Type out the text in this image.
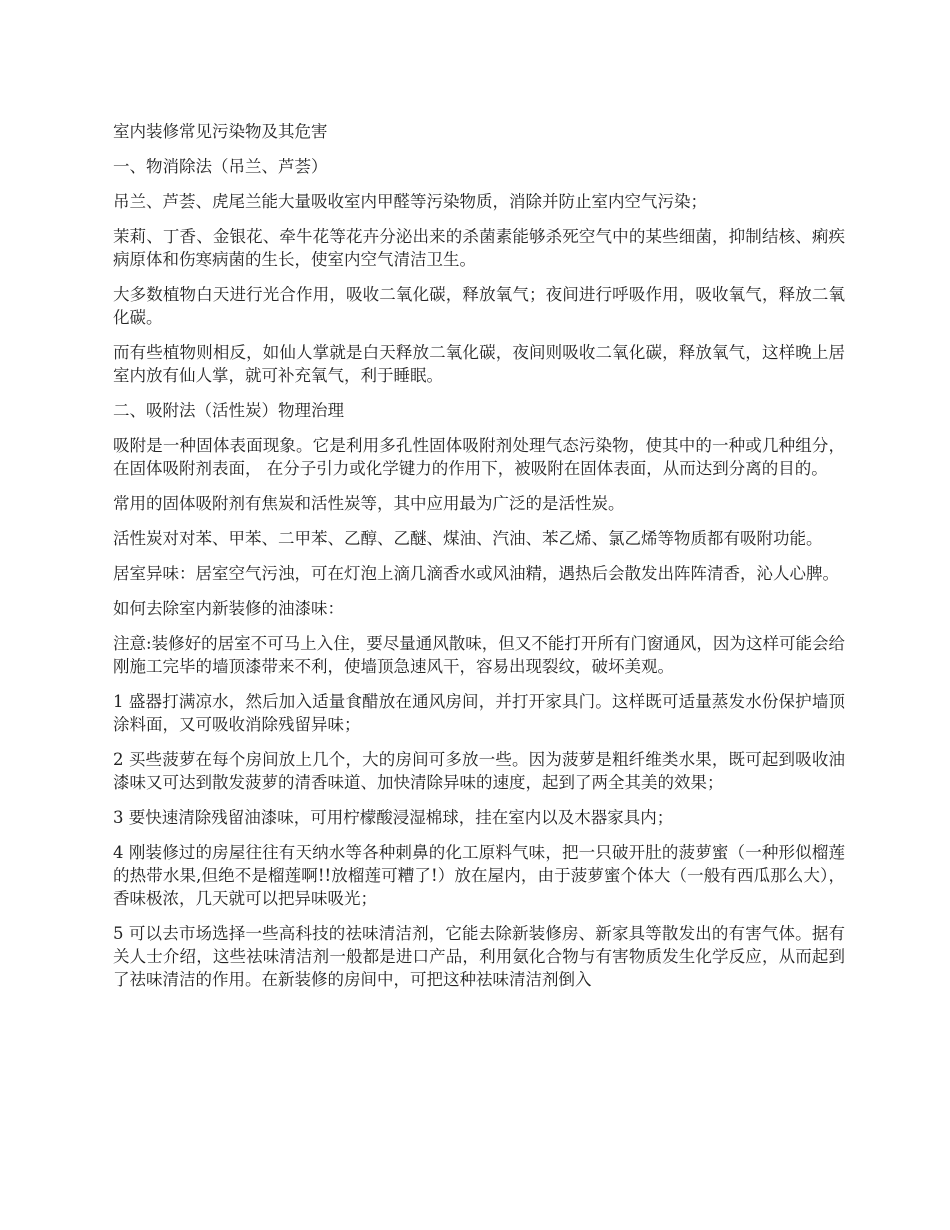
室内装修常见污染物及其危害

一、物消除法（吊兰、芦荟）

吊兰、芦荟、虎尾兰能大量吸收室内甲醛等污染物质，消除并防止室内空气污染；

茉莉、丁香、金银花、牵牛花等花卉分泌出来的杀菌素能够杀死空气中的某些细菌，抑制结核、痢疾病原体和伤寒病菌的生长，使室内空气清洁卫生。

大多数植物白天进行光合作用，吸收二氧化碳，释放氧气；夜间进行呼吸作用，吸收氧气，释放二氧化碳。

而有些植物则相反，如仙人掌就是白天释放二氧化碳，夜间则吸收二氧化碳，释放氧气，这样晚上居室内放有仙人掌，就可补充氧气，利于睡眠。

二、吸附法（活性炭）物理治理

吸附是一种固体表面现象。它是利用多孔性固体吸附剂处理气态污染物，使其中的一种或几种组分，在固体吸附剂表面， 在分子引力或化学键力的作用下，被吸附在固体表面，从而达到分离的目的。

常用的固体吸附剂有焦炭和活性炭等，其中应用最为广泛的是活性炭。

活性炭对对苯、甲苯、二甲苯、乙醇、乙醚、煤油、汽油、苯乙烯、氯乙烯等物质都有吸附功能。

居室异味：居室空气污浊，可在灯泡上滴几滴香水或风油精，遇热后会散发出阵阵清香，沁人心脾。

如何去除室内新装修的油漆味：

注意:装修好的居室不可马上入住，要尽量通风散味，但又不能打开所有门窗通风，因为这样可能会给刚施工完毕的墙顶漆带来不利，使墙顶急速风干，容易出现裂纹，破坏美观。

1 盛器打满凉水，然后加入适量食醋放在通风房间，并打开家具门。这样既可适量蒸发水份保护墙顶涂料面，又可吸收消除残留异味；

2 买些菠萝在每个房间放上几个，大的房间可多放一些。因为菠萝是粗纤维类水果，既可起到吸收油漆味又可达到散发菠萝的清香味道、加快清除异味的速度，起到了两全其美的效果；

3 要快速清除残留油漆味，可用柠檬酸浸湿棉球，挂在室内以及木器家具内；

4 刚装修过的房屋往往有天纳水等各种刺鼻的化工原料气味，把一只破开肚的菠萝蜜（一种形似榴莲的热带水果,但绝不是榴莲啊!!放榴莲可糟了!）放在屋内，由于菠萝蜜个体大（一般有西瓜那么大），香味极浓，几天就可以把异味吸光；

5 可以去市场选择一些高科技的祛味清洁剂，它能去除新装修房、新家具等散发出的有害气体。据有关人士介绍，这些祛味清洁剂一般都是进口产品，利用氨化合物与有害物质发生化学反应，从而起到了祛味清洁的作用。在新装修的房间中，可把这种祛味清洁剂倒入
